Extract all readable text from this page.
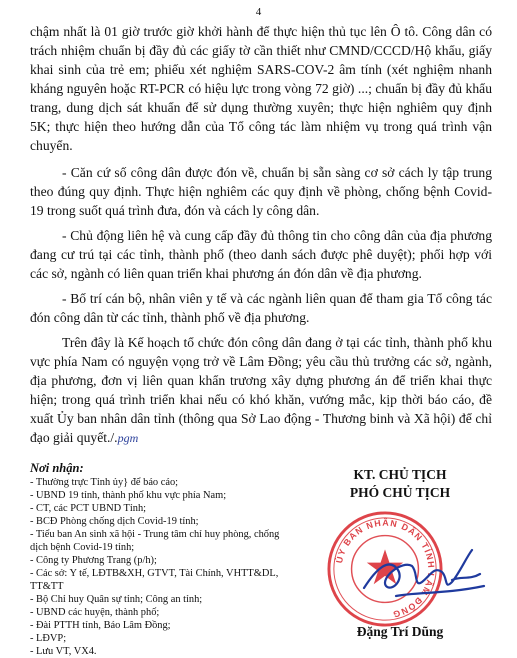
4

chậm nhất là 01 giờ trước giờ khởi hành để thực hiện thủ tục lên Ô tô. Công dân có trách nhiệm chuẩn bị đầy đủ các giấy tờ cần thiết như CMND/CCCD/Hộ khẩu, giấy khai sinh của trẻ em; phiếu xét nghiệm SARS-COV-2 âm tính (xét nghiệm nhanh kháng nguyên hoặc RT-PCR có hiệu lực trong vòng 72 giờ) ...; chuẩn bị đầy đủ khẩu trang, dung dịch sát khuẩn để sử dụng thường xuyên; thực hiện nghiêm quy định 5K; thực hiện theo hướng dẫn của Tổ công tác làm nhiệm vụ trong quá trình vận chuyển.

- Căn cứ số công dân được đón về, chuẩn bị sẵn sàng cơ sở cách ly tập trung theo đúng quy định. Thực hiện nghiêm các quy định về phòng, chống bệnh Covid-19 trong suốt quá trình đưa, đón và cách ly công dân.

- Chủ động liên hệ và cung cấp đầy đủ thông tin cho công dân của địa phương đang cư trú tại các tỉnh, thành phố (theo danh sách được phê duyệt); phối hợp với các sở, ngành có liên quan triển khai phương án đón dân về địa phương.

- Bố trí cán bộ, nhân viên y tế và các ngành liên quan để tham gia Tổ công tác đón công dân từ các tỉnh, thành phố về địa phương.

Trên đây là Kế hoạch tổ chức đón công dân đang ở tại các tỉnh, thành phố khu vực phía Nam có nguyện vọng trở về Lâm Đồng; yêu cầu thủ trưởng các sở, ngành, địa phương, đơn vị liên quan khẩn trương xây dựng phương án để triển khai thực hiện; trong quá trình triển khai nếu có khó khăn, vướng mắc, kịp thời báo cáo, đề xuất Ủy ban nhân dân tỉnh (thông qua Sở Lao động - Thương binh và Xã hội) để chỉ đạo giải quyết./.pgm

Nơi nhận:
- Thường trực Tỉnh ủy} để báo cáo;
- UBND 19 tỉnh, thành phố khu vực phía Nam;
- CT, các PCT UBND Tỉnh;
- BCĐ Phòng chống dịch Covid-19 tỉnh;
- Tiểu ban An sinh xã hội - Trung tâm chỉ huy phòng, chống dịch bệnh Covid-19 tỉnh;
- Công ty Phương Trang (p/h);
- Các sở: Y tế, LĐTB&XH, GTVT, Tài Chính, VHTT&DL, TT&TT
- Bộ Chỉ huy Quân sự tỉnh; Công an tỉnh;
- UBND các huyện, thành phố;
- Đài PTTH tỉnh, Báo Lâm Đồng;
- LĐVP;
- Lưu VT, VX4.
KT. CHỦ TỊCH
PHÓ CHỦ TỊCH
ỦY BAN NHÂN DÂN TỈNH LÂM ĐỒNG
Đặng Trí Dũng
